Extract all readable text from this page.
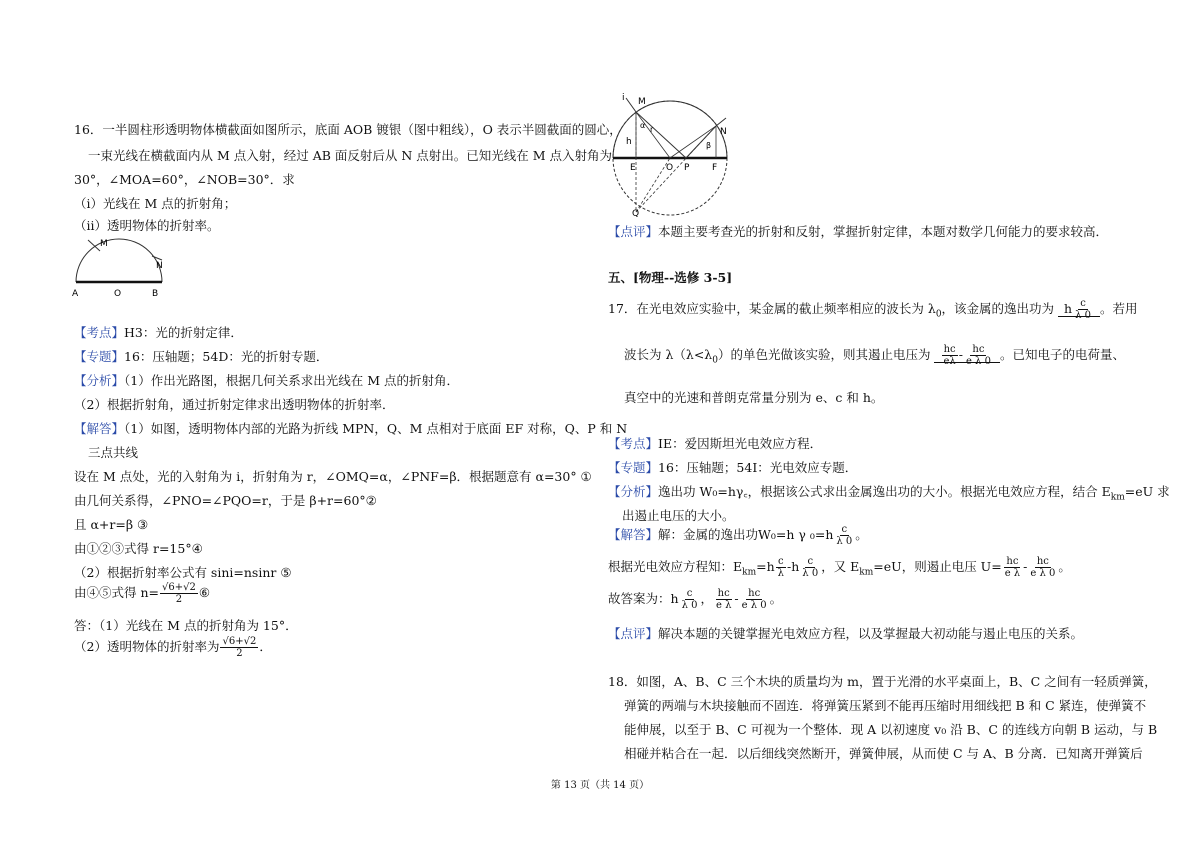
16．一半圆柱形透明物体横截面如图所示，底面 AOB 镀银（图中粗线），O 表示半圆截面的圆心，
一束光线在横截面内从 M 点入射，经过 AB 面反射后从 N 点射出。已知光线在 M 点入射角为
30°，∠MOA=60°，∠NOB=30°．求
（ⅰ）光线在 M 点的折射角；
（ⅱ）透明物体的折射率。
M
N
A	O	B
【考点】H3：光的折射定律．
【专题】16：压轴题；54D：光的折射专题．
【分析】（1）作出光路图，根据几何关系求出光线在 M 点的折射角．
（2）根据折射角，通过折射定律求出透明物体的折射率．
【解答】（1）如图，透明物体内部的光路为折线 MPN，Q、M 点相对于底面 EF 对称，Q、P 和 N
三点共线
设在 M 点处，光的入射角为 i，折射角为 r，∠OMQ=α，∠PNF=β．根据题意有 α=30° ①
由几何关系得，∠PNO=∠PQO=r，于是 β+r=60°②
且 α+r=β ③
由①②③式得 r=15°④
（2）根据折射率公式有 sini=nsinr ⑤
由④⑤式得 $n= \frac{√6+√2}{2}$ ⑥
答：（1）光线在 M 点的折射角为 15°．
（2）透明物体的折射率为 $\frac{√6+√2}{2}$ ．
i M
α r
h
E	O P	F
N
β
Q
【点评】本题主要考查光的折射和反射，掌握折射定律，本题对数学几何能力的要求较高．
五、[物理--选修 3-5]
17．在光电效应实验中，某金属的截止频率相应的波长为 $\lambda_0$，该金属的逸出功为 h $\frac{c}{\lambda 0}$ 。若用
波长为 $\lambda(\lambda<\lambda_0)$的单色光做该实验，则其遏止电压为 $\frac{hc}{e\lambda} - \frac{hc}{\text{e λ 0}}$ 。已知电子的电荷量、
真空中的光速和普朗克常量分别为 e、c 和 h。
【考点】IE：爱因斯坦光电效应方程．
【专题】16：压轴题；54I：光电效应专题．
【分析】逸出功 W₀=hγ꜀，根据该公式求出金属逸出功的大小。根据光电效应方程，结合 $E_{km}=eU$ 求
出遏止电压的大小。
【解答】解：金属的逸出功W₀=h γ $_0=h \frac{c}{\lambda 0}$ 。
根据光电效应方程知：$E_{km}=h \frac{c}{\lambda} -h \frac{c}{\lambda 0}$ ，又 $E_{km}=eU$，则遏止电压 $U= \frac{hc}{\text{e λ}} - \frac{hc}{\text{e λ 0}}$ 。
故答案为：h $\frac{c}{\lambda 0}$ ， $\frac{hc}{\text{e λ}} - \frac{hc}{\text{e λ 0}}$ 。
【点评】解决本题的关键掌握光电效应方程，以及掌握最大初动能与遏止电压的关系。
18．如图，A、B、C 三个木块的质量均为 m，置于光滑的水平桌面上，B、C 之间有一轻质弹簧，
弹簧的两端与木块接触而不固连．将弹簧压紧到不能再压缩时用细线把 B 和 C 紧连，使弹簧不
能伸展，以至于 B、C 可视为一个整体．现 A 以初速度 v₀ 沿 B、C 的连线方向朝 B 运动，与 B
相碰并粘合在一起．以后细线突然断开，弹簧伸展，从而使 C 与 A、B 分离．已知离开弹簧后
第 13 页（共 14 页）
